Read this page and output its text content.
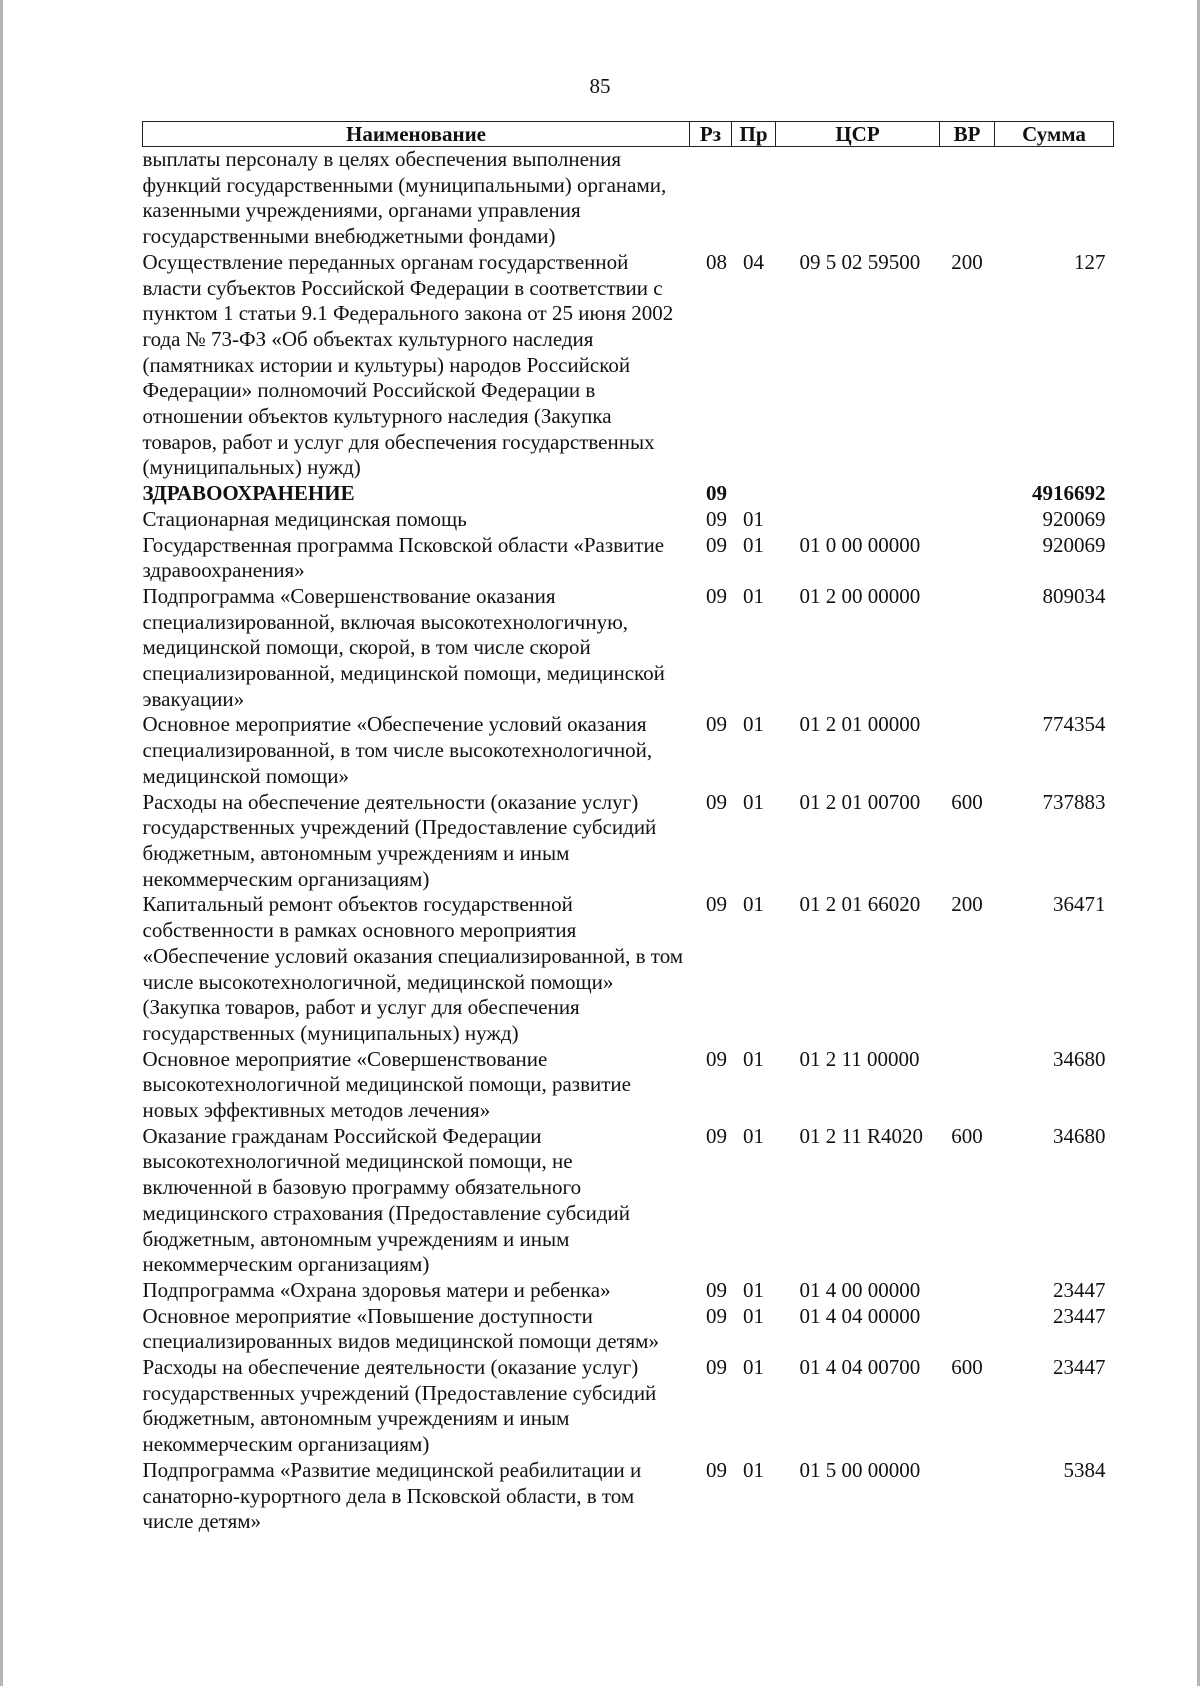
85
Наименование	Рз	Пр	ЦСР	ВР	Сумма
выплаты персоналу в целях обеспечения выполнения функций государственными (муниципальными) органами, казенными учреждениями, органами управления государственными внебюджетными фондами)					
Осуществление переданных органам государственной власти субъектов Российской Федерации в соответствии с пунктом 1 статьи 9.1 Федерального закона от 25 июня 2002 года № 73-ФЗ «Об объектах культурного наследия (памятниках истории и культуры) народов Российской Федерации» полномочий Российской Федерации в отношении объектов культурного наследия (Закупка товаров, работ и услуг для обеспечения государственных (муниципальных) нужд)	08	04	09 5 02 59500	200	127
ЗДРАВООХРАНЕНИЕ	09				4916692
Стационарная медицинская помощь	09	01			920069
Государственная программа Псковской области «Развитие здравоохранения»	09	01	01 0 00 00000		920069
Подпрограмма «Совершенствование оказания специализированной, включая высокотехнологичную, медицинской помощи, скорой, в том числе скорой специализированной, медицинской помощи, медицинской эвакуации»	09	01	01 2 00 00000		809034
Основное мероприятие «Обеспечение условий оказания специализированной, в том числе высокотехнологичной, медицинской помощи»	09	01	01 2 01 00000		774354
Расходы на обеспечение деятельности (оказание услуг) государственных учреждений (Предоставление субсидий бюджетным, автономным учреждениям и иным некоммерческим организациям)	09	01	01 2 01 00700	600	737883
Капитальный ремонт объектов государственной собственности в рамках основного мероприятия «Обеспечение условий оказания специализированной, в том числе высокотехнологичной, медицинской помощи» (Закупка товаров, работ и услуг для обеспечения государственных (муниципальных) нужд)	09	01	01 2 01 66020	200	36471
Основное мероприятие «Совершенствование высокотехнологичной медицинской помощи, развитие новых эффективных методов лечения»	09	01	01 2 11 00000		34680
Оказание гражданам Российской Федерации высокотехнологичной медицинской помощи, не включенной в базовую программу обязательного медицинского страхования (Предоставление субсидий бюджетным, автономным учреждениям и иным некоммерческим организациям)	09	01	01 2 11 R4020	600	34680
Подпрограмма «Охрана здоровья матери и ребенка»	09	01	01 4 00 00000		23447
Основное мероприятие «Повышение доступности специализированных видов медицинской помощи детям»	09	01	01 4 04 00000		23447
Расходы на обеспечение деятельности (оказание услуг) государственных учреждений (Предоставление субсидий бюджетным, автономным учреждениям и иным некоммерческим организациям)	09	01	01 4 04 00700	600	23447
Подпрограмма «Развитие медицинской реабилитации и санаторно-курортного дела в Псковской области, в том числе детям»	09	01	01 5 00 00000		5384
